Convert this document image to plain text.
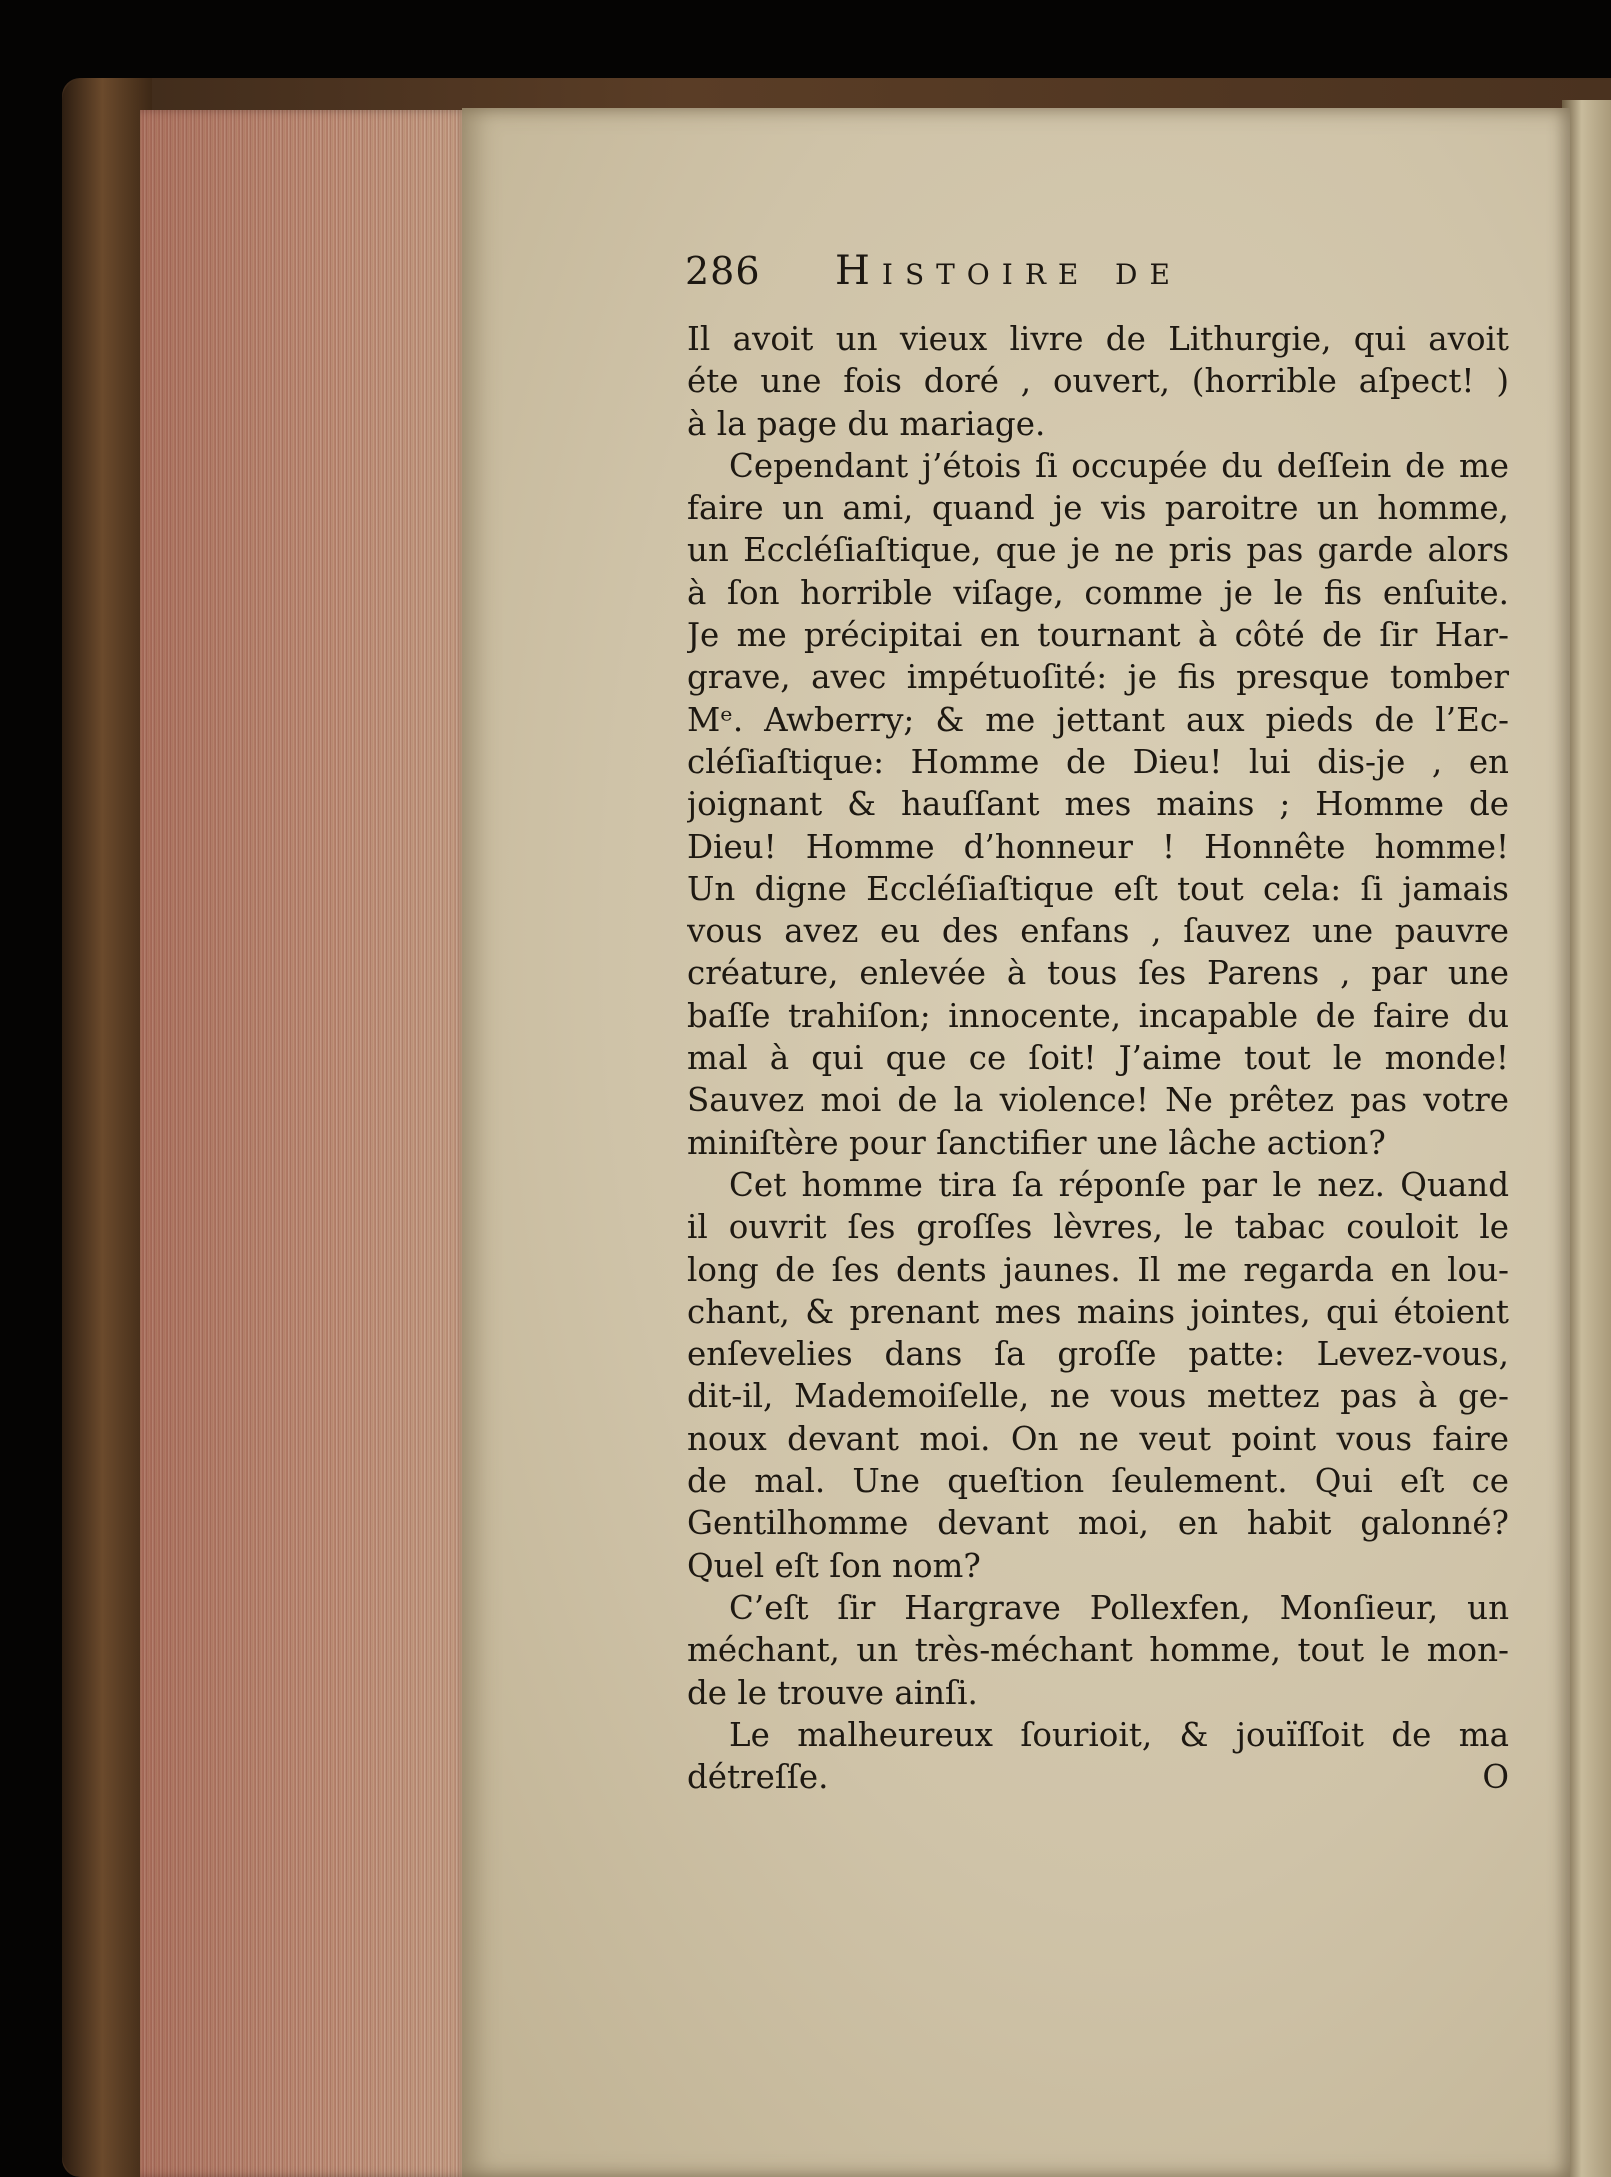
286	Histoire de
Il avoit un vieux livre de Lithurgie, qui avoit
éte une fois doré , ouvert, (horrible aſpect! )
à la page du mariage.
Cependant j’étois ſi occupée du deſſein de me
faire un ami, quand je vis paroitre un homme,
un Eccléſiaſtique, que je ne pris pas garde alors
à ſon horrible viſage, comme je le fis enſuite.
Je me précipitai en tournant à côté de ſir Har-
grave, avec impétuoſité: je fis presque tomber
Mᵉ. Awberry; & me jettant aux pieds de l’Ec-
cléſiaſtique: Homme de Dieu! lui dis-je , en
joignant & hauſſant mes mains ; Homme de
Dieu! Homme d’honneur ! Honnête homme!
Un digne Eccléſiaſtique eſt tout cela: ſi jamais
vous avez eu des enfans , ſauvez une pauvre
créature, enlevée à tous ſes Parens , par une
baſſe trahiſon; innocente, incapable de faire du
mal à qui que ce ſoit! J’aime tout le monde!
Sauvez moi de la violence! Ne prêtez pas votre
miniſtère pour ſanctifier une lâche action?
Cet homme tira ſa réponſe par le nez. Quand
il ouvrit ſes groſſes lèvres, le tabac couloit le
long de ſes dents jaunes. Il me regarda en lou-
chant, & prenant mes mains jointes, qui étoient
enſevelies dans ſa groſſe patte: Levez-vous,
dit-il, Mademoiſelle, ne vous mettez pas à ge-
noux devant moi. On ne veut point vous faire
de mal. Une queſtion ſeulement. Qui eſt ce
Gentilhomme devant moi, en habit galonné?
Quel eſt ſon nom?
C’eſt ſir Hargrave Pollexfen, Monſieur, un
méchant, un très-méchant homme, tout le mon-
de le trouve ainſi.
Le malheureux ſourioit, & jouïſſoit de ma
détreſſe.	O
